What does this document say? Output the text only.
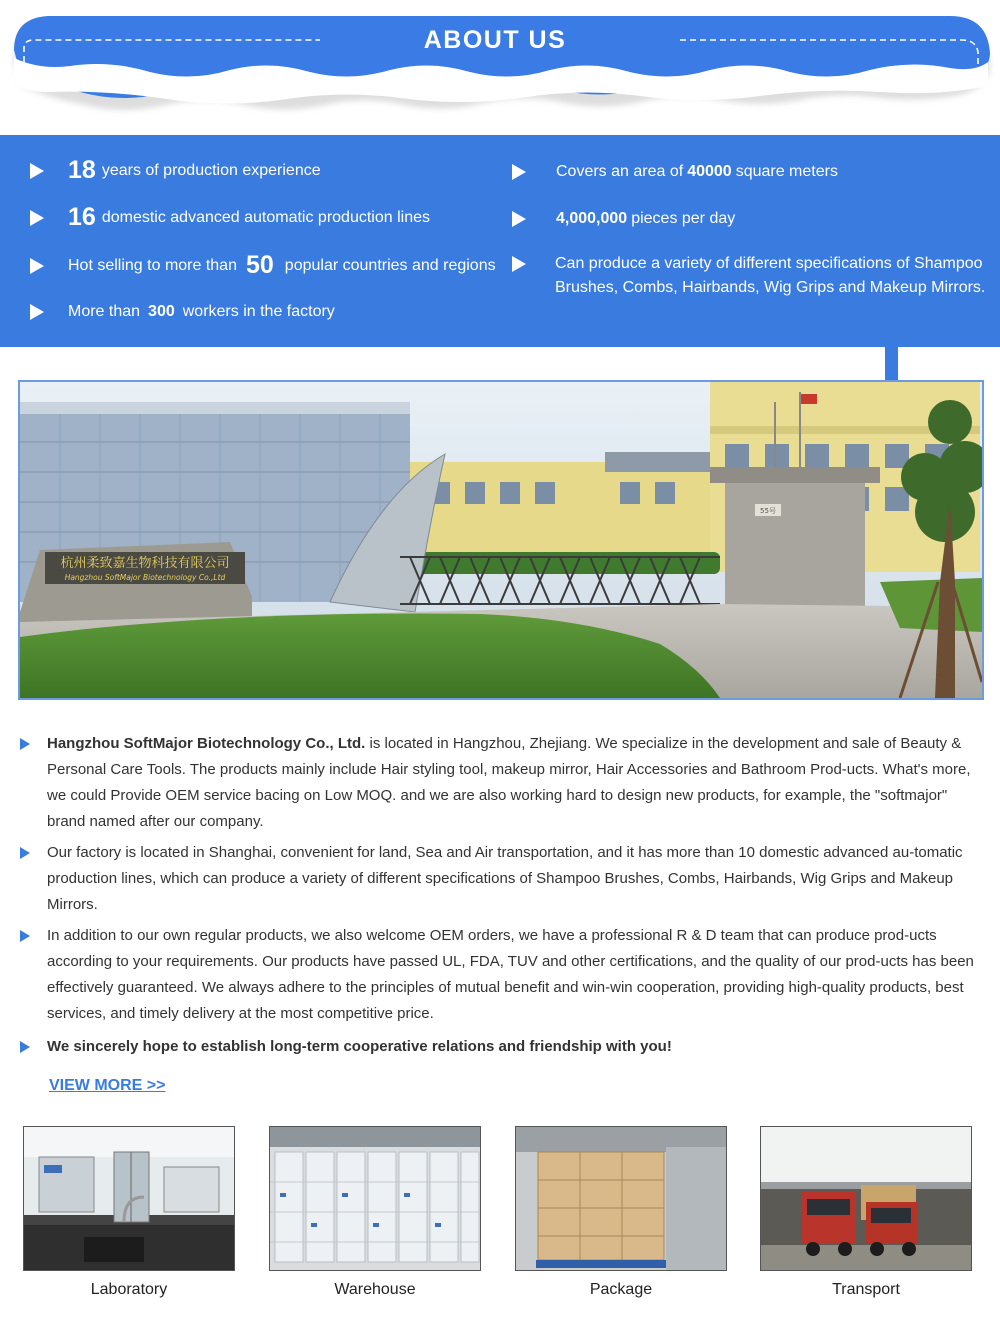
ABOUT US
18 years of production experience
16 domestic advanced automatic production lines
Hot selling to more than 50 popular countries and regions
More than 300 workers in the factory
Covers an area of 40000 square meters
4,000,000 pieces per day
Can produce a variety of different specifications of Shampoo Brushes, Combs, Hairbands, Wig Grips and Makeup Mirrors.
55号
杭州柔致嘉生物科技有限公司
Hangzhou SoftMajor Biotechnology Co.,Ltd
Hangzhou SoftMajor Biotechnology Co., Ltd. is located in Hangzhou, Zhejiang. We specialize in the development and sale of Beauty & Personal Care Tools. The products mainly include Hair styling tool, makeup mirror, Hair Accessories and Bathroom Prod-ucts. What's more, we could Provide OEM service bacing on Low MOQ. and we are also working hard to design new products, for example, the "softmajor" brand named after our company.
Our factory is located in Shanghai, convenient for land, Sea and Air transportation, and it has more than 10 domestic advanced au-tomatic production lines, which can produce a variety of different specifications of Shampoo Brushes, Combs, Hairbands, Wig Grips and Makeup Mirrors.
In addition to our own regular products, we also welcome OEM orders, we have a professional R & D team that can produce prod-ucts according to your requirements. Our products have passed UL, FDA, TUV and other certifications, and the quality of our prod-ucts has been effectively guaranteed. We always adhere to the principles of mutual benefit and win-win cooperation, providing high-quality products, best services, and timely delivery at the most competitive price.
We sincerely hope to establish long-term cooperative relations and friendship with you!
VIEW MORE >>
Laboratory	Warehouse	Package	Transport
